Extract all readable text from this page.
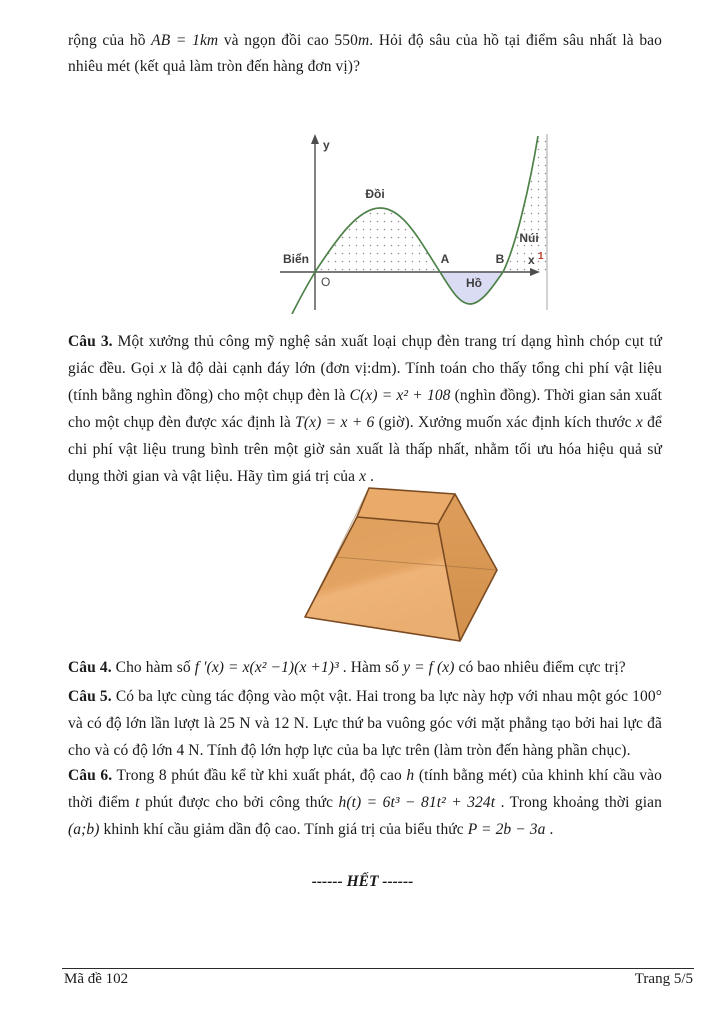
rộng của hồ AB = 1km và ngọn đồi cao 550m. Hỏi độ sâu của hồ tại điểm sâu nhất là bao nhiêu mét (kết quả làm tròn đến hàng đơn vị)?
y
Biển
Đồi
O
A	B
Hồ
Núi
x 1
Câu 3. Một xưởng thủ công mỹ nghệ sản xuất loại chụp đèn trang trí dạng hình chóp cụt tứ giác đều. Gọi x là độ dài cạnh đáy lớn (đơn vị:dm). Tính toán cho thấy tổng chi phí vật liệu (tính bằng nghìn đồng) cho một chụp đèn là C(x) = x² + 108 (nghìn đồng). Thời gian sản xuất cho một chụp đèn được xác định là T(x) = x + 6 (giờ). Xưởng muốn xác định kích thước x để chi phí vật liệu trung bình trên một giờ sản xuất là thấp nhất, nhằm tối ưu hóa hiệu quả sử dụng thời gian và vật liệu. Hãy tìm giá trị của x .
Câu 4. Cho hàm số f ′(x) = x(x² −1)(x +1)³ . Hàm số y = f (x) có bao nhiêu điểm cực trị?
Câu 5. Có ba lực cùng tác động vào một vật. Hai trong ba lực này hợp với nhau một góc 100° và có độ lớn lần lượt là 25 N và 12 N. Lực thứ ba vuông góc với mặt phẳng tạo bởi hai lực đã cho và có độ lớn 4 N. Tính độ lớn hợp lực của ba lực trên (làm tròn đến hàng phần chục).
Câu 6. Trong 8 phút đầu kể từ khi xuất phát, độ cao h (tính bằng mét) của khinh khí cầu vào thời điểm t phút được cho bởi công thức h(t) = 6t³ − 81t² + 324t . Trong khoảng thời gian (a;b) khinh khí cầu giảm dần độ cao. Tính giá trị của biểu thức P = 2b − 3a .
------ HẾT ------
Mã đề 102	Trang 5/5
